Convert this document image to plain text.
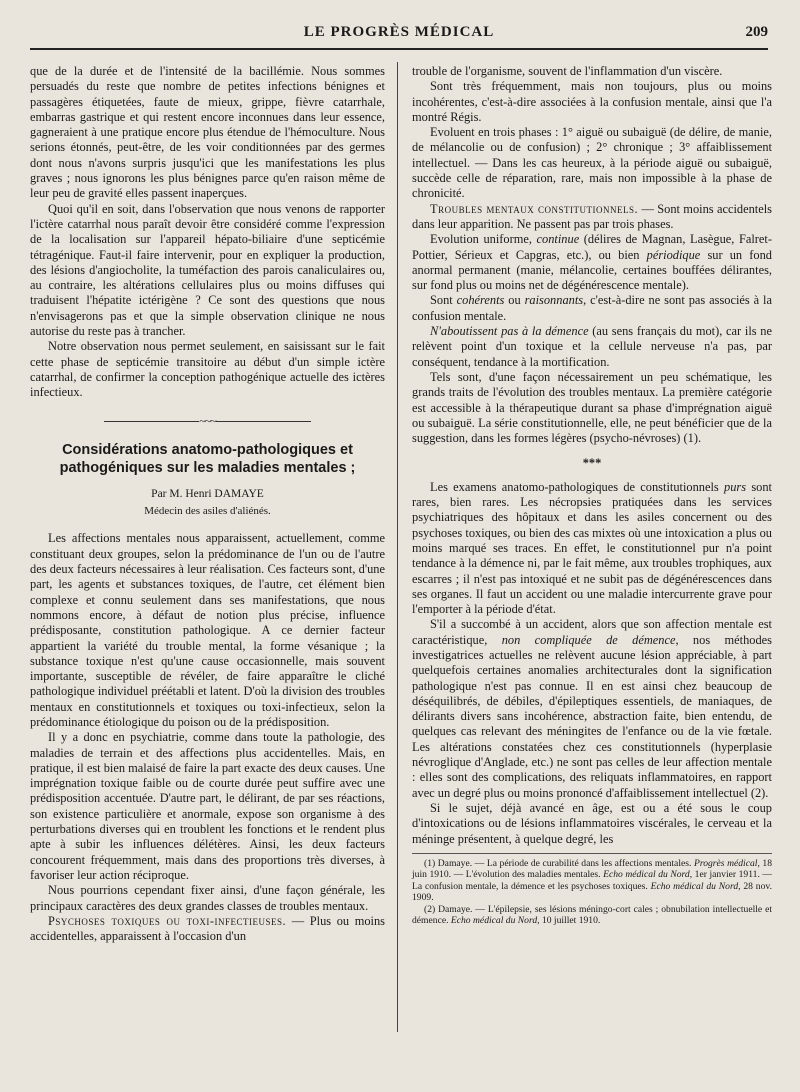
LE PROGRÈS MÉDICAL	209

que de la durée et de l'intensité de la bacillémie. Nous sommes persuadés du reste que nombre de petites infections bénignes et passagères étiquetées, faute de mieux, grippe, fièvre catarrhale, embarras gastrique et qui restent encore inconnues dans leur essence, gagneraient à une pratique encore plus étendue de l'hémoculture. Nous serions étonnés, peut-être, de les voir conditionnées par des germes dont nous n'avons surpris jusqu'ici que les manifestations les plus graves ; nous ignorons les plus bénignes parce qu'en raison même de leur peu de gravité elles passent inaperçues.

Quoi qu'il en soit, dans l'observation que nous venons de rapporter l'ictère catarrhal nous paraît devoir être considéré comme l'expression de la localisation sur l'appareil hépato-biliaire d'une septicémie tétragénique. Faut-il faire intervenir, pour en expliquer la production, des lésions d'angiocholite, la tuméfaction des parois canaliculaires ou, au contraire, les altérations cellulaires plus ou moins diffuses qui traduisent l'hépatite ictérigène ? Ce sont des questions que nous n'envisagerons pas et que la simple observation clinique ne nous autorise du reste pas à trancher.

Notre observation nous permet seulement, en saisissant sur le fait cette phase de septicémie transitoire au début d'un simple ictère catarrhal, de confirmer la conception pathogénique actuelle des ictères infectieux.

~~~
Considérations anatomo-pathologiques et pathogéniques sur les maladies mentales ;
Par M. Henri DAMAYE
Médecin des asiles d'aliénés.

Les affections mentales nous apparaissent, actuellement, comme constituant deux groupes, selon la prédominance de l'un ou de l'autre des deux facteurs nécessaires à leur réalisation. Ces facteurs sont, d'une part, les agents et substances toxiques, de l'autre, cet élément bien complexe et connu seulement dans ses manifestations, que nous nommons encore, à défaut de notion plus précise, influence prédisposante, constitution pathologique. A ce dernier facteur appartient la variété du trouble mental, la forme vésanique ; la substance toxique n'est qu'une cause occasionnelle, mais souvent importante, susceptible de révéler, de faire apparaître le cliché pathologique individuel préétabli et latent. D'où la division des troubles mentaux en constitutionnels et toxiques ou toxi-infectieux, selon la prédominance étiologique du poison ou de la prédisposition.

Il y a donc en psychiatrie, comme dans toute la pathologie, des maladies de terrain et des affections plus accidentelles. Mais, en pratique, il est bien malaisé de faire la part exacte des deux causes. Une imprégnation toxique faible ou de courte durée peut suffire avec une prédisposition accentuée. D'autre part, le délirant, de par ses réactions, son existence particulière et anormale, expose son organisme à des perturbations diverses qui en troublent les fonctions et le rendent plus apte à subir les influences délétères. Ainsi, les deux facteurs concourent fréquemment, mais dans des proportions très diverses, à favoriser leur action réciproque.

Nous pourrions cependant fixer ainsi, d'une façon générale, les principaux caractères des deux grandes classes de troubles mentaux.

Psychoses toxiques ou toxi-infectieuses. — Plus ou moins accidentelles, apparaissent à l'occasion d'un

trouble de l'organisme, souvent de l'inflammation d'un viscère.

Sont très fréquemment, mais non toujours, plus ou moins incohérentes, c'est-à-dire associées à la confusion mentale, ainsi que l'a montré Régis.

Evoluent en trois phases : 1° aiguë ou subaiguë (de délire, de manie, de mélancolie ou de confusion) ; 2° chronique ; 3° affaiblissement intellectuel. — Dans les cas heureux, à la période aiguë ou subaiguë, succède celle de réparation, rare, mais non impossible à la phase de chronicité.

Troubles mentaux constitutionnels. — Sont moins accidentels dans leur apparition. Ne passent pas par trois phases.

Evolution uniforme, continue (délires de Magnan, Lasègue, Falret-Pottier, Sérieux et Capgras, etc.), ou bien périodique sur un fond anormal permanent (manie, mélancolie, certaines bouffées délirantes, sur fond plus ou moins net de dégénérescence mentale).

Sont cohérents ou raisonnants, c'est-à-dire ne sont pas associés à la confusion mentale.

N'aboutissent pas à la démence (au sens français du mot), car ils ne relèvent point d'un toxique et la cellule nerveuse n'a pas, par conséquent, tendance à la mortification.

Tels sont, d'une façon nécessairement un peu schématique, les grands traits de l'évolution des troubles mentaux. La première catégorie est accessible à la thérapeutique durant sa phase d'imprégnation aiguë ou subaiguë. La série constitutionnelle, elle, ne peut bénéficier que de la suggestion, dans les formes légères (psycho-névroses) (1).

***

Les examens anatomo-pathologiques de constitutionnels purs sont rares, bien rares. Les nécropsies pratiquées dans les services psychiatriques des hôpitaux et dans les asiles concernent ou des psychoses toxiques, ou bien des cas mixtes où une intoxication a plus ou moins marqué ses traces. En effet, le constitutionnel pur n'a point tendance à la démence ni, par le fait même, aux troubles trophiques, aux escarres ; il n'est pas intoxiqué et ne subit pas de dégénérescences dans ses organes. Il faut un accident ou une maladie intercurrente grave pour l'emporter à la période d'état.

S'il a succombé à un accident, alors que son affection mentale est caractéristique, non compliquée de démence, nos méthodes investigatrices actuelles ne relèvent aucune lésion appréciable, à part quelquefois certaines anomalies architecturales dont la signification pathologique n'est pas connue. Il en est ainsi chez beaucoup de déséquilibrés, de débiles, d'épileptiques essentiels, de maniaques, de délirants divers sans incohérence, abstraction faite, bien entendu, de quelques cas relevant des méningites de l'enfance ou de la vie fœtale. Les altérations constatées chez ces constitutionnels (hyperplasie névroglique d'Anglade, etc.) ne sont pas celles de leur affection mentale : elles sont des complications, des reliquats inflammatoires, en rapport avec un degré plus ou moins prononcé d'affaiblissement intellectuel (2).

Si le sujet, déjà avancé en âge, est ou a été sous le coup d'intoxications ou de lésions inflammatoires viscérales, le cerveau et la méninge présentent, à quelque degré, les

(1) Damaye. — La période de curabilité dans les affections mentales. Progrès médical, 18 juin 1910. — L'évolution des maladies mentales. Echo médical du Nord, 1er janvier 1911. — La confusion mentale, la démence et les psychoses toxiques. Echo médical du Nord, 28 nov. 1909.

(2) Damaye. — L'épilepsie, ses lésions méningo-cort cales ; obnubilation intellectuelle et démence. Echo médical du Nord, 10 juillet 1910.
